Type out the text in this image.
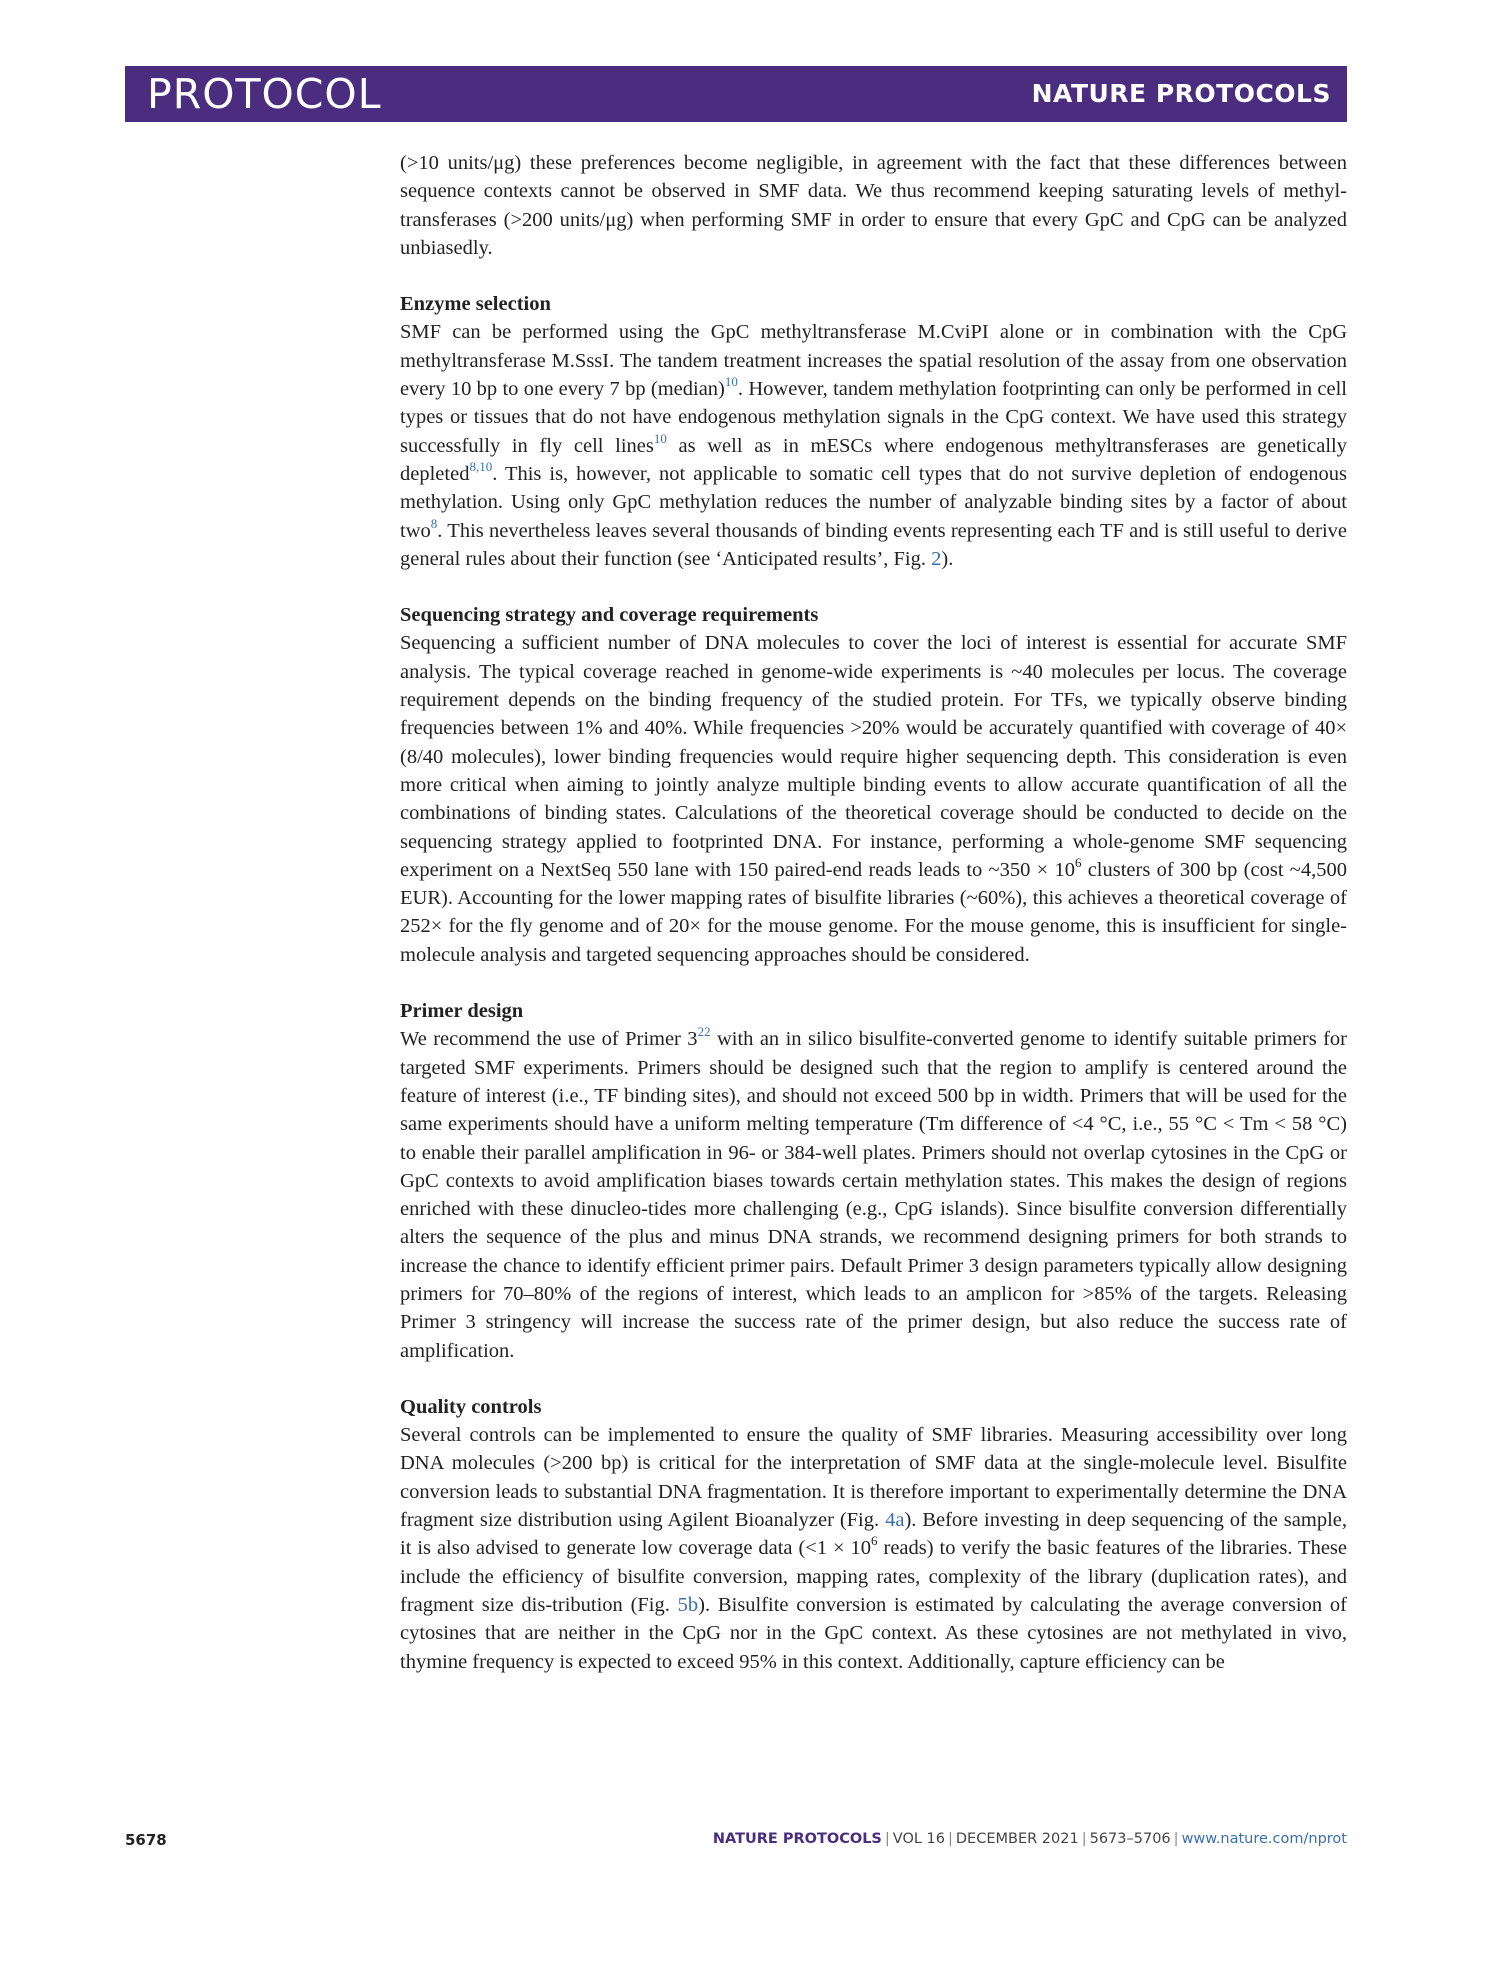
PROTOCOL	NATURE PROTOCOLS

(>10 units/μg) these preferences become negligible, in agreement with the fact that these differences between sequence contexts cannot be observed in SMF data. We thus recommend keeping saturating levels of methyl-transferases (>200 units/μg) when performing SMF in order to ensure that every GpC and CpG can be analyzed unbiasedly.

Enzyme selection

SMF can be performed using the GpC methyltransferase M.CviPI alone or in combination with the CpG methyltransferase M.SssI. The tandem treatment increases the spatial resolution of the assay from one observation every 10 bp to one every 7 bp (median)$^{10}$. However, tandem methylation footprinting can only be performed in cell types or tissues that do not have endogenous methylation signals in the CpG context. We have used this strategy successfully in fly cell lines$^{10}$ as well as in mESCs where endogenous methyltransferases are genetically depleted$^{8,10}$. This is, however, not applicable to somatic cell types that do not survive depletion of endogenous methylation. Using only GpC methylation reduces the number of analyzable binding sites by a factor of about two$^8$. This nevertheless leaves several thousands of binding events representing each TF and is still useful to derive general rules about their function (see ‘Anticipated results’, Fig. 2).

Sequencing strategy and coverage requirements

Sequencing a sufficient number of DNA molecules to cover the loci of interest is essential for accurate SMF analysis. The typical coverage reached in genome-wide experiments is ~40 molecules per locus. The coverage requirement depends on the binding frequency of the studied protein. For TFs, we typically observe binding frequencies between 1% and 40%. While frequencies >20% would be accurately quantified with coverage of 40× (8/40 molecules), lower binding frequencies would require higher sequencing depth. This consideration is even more critical when aiming to jointly analyze multiple binding events to allow accurate quantification of all the combinations of binding states. Calculations of the theoretical coverage should be conducted to decide on the sequencing strategy applied to footprinted DNA. For instance, performing a whole-genome SMF sequencing experiment on a NextSeq 550 lane with 150 paired-end reads leads to ~350 × $10^6$ clusters of 300 bp (cost ~4,500 EUR). Accounting for the lower mapping rates of bisulfite libraries (~60%), this achieves a theoretical coverage of 252× for the fly genome and of 20× for the mouse genome. For the mouse genome, this is insufficient for single-molecule analysis and targeted sequencing approaches should be considered.

Primer design

We recommend the use of Primer 3$^{22}$ with an in silico bisulfite-converted genome to identify suitable primers for targeted SMF experiments. Primers should be designed such that the region to amplify is centered around the feature of interest (i.e., TF binding sites), and should not exceed 500 bp in width. Primers that will be used for the same experiments should have a uniform melting temperature (Tm difference of <4 °C, i.e., 55 °C < Tm < 58 °C) to enable their parallel amplification in 96- or 384-well plates. Primers should not overlap cytosines in the CpG or GpC contexts to avoid amplification biases towards certain methylation states. This makes the design of regions enriched with these dinucleo-tides more challenging (e.g., CpG islands). Since bisulfite conversion differentially alters the sequence of the plus and minus DNA strands, we recommend designing primers for both strands to increase the chance to identify efficient primer pairs. Default Primer 3 design parameters typically allow designing primers for 70–80% of the regions of interest, which leads to an amplicon for >85% of the targets. Releasing Primer 3 stringency will increase the success rate of the primer design, but also reduce the success rate of amplification.

Quality controls

Several controls can be implemented to ensure the quality of SMF libraries. Measuring accessibility over long DNA molecules (>200 bp) is critical for the interpretation of SMF data at the single-molecule level. Bisulfite conversion leads to substantial DNA fragmentation. It is therefore important to experimentally determine the DNA fragment size distribution using Agilent Bioanalyzer (Fig. 4a). Before investing in deep sequencing of the sample, it is also advised to generate low coverage data ($<1 \times 10^6$ reads) to verify the basic features of the libraries. These include the efficiency of bisulfite conversion, mapping rates, complexity of the library (duplication rates), and fragment size dis-tribution (Fig. 5b). Bisulfite conversion is estimated by calculating the average conversion of cytosines that are neither in the CpG nor in the GpC context. As these cytosines are not methylated in vivo, thymine frequency is expected to exceed 95% in this context. Additionally, capture efficiency can be

5678	NATURE PROTOCOLS | VOL 16 | DECEMBER 2021 | 5673–5706 | www.nature.com/nprot
